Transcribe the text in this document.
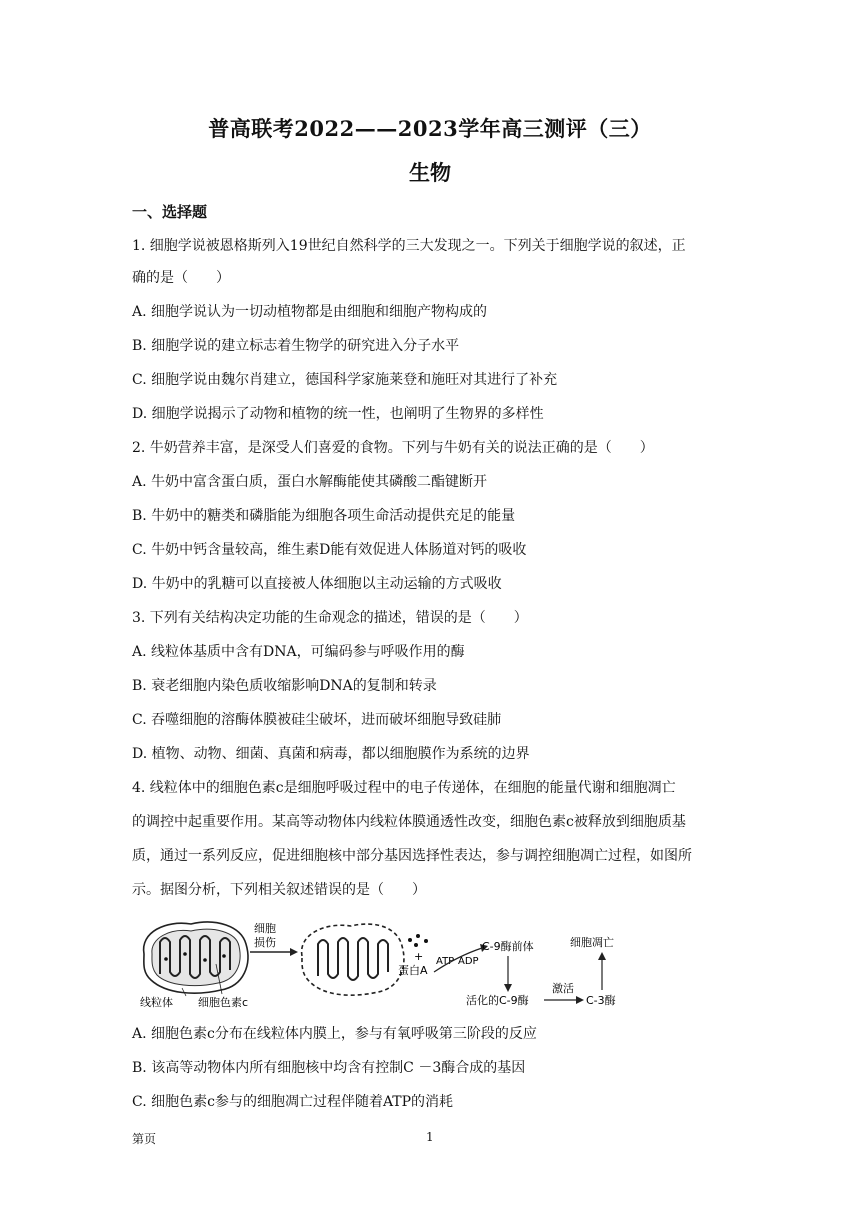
普高联考2022——2023学年高三测评（三）
生物
一、选择题
1. 细胞学说被恩格斯列入19世纪自然科学的三大发现之一。下列关于细胞学说的叙述，正
确的是（　　）
A. 细胞学说认为一切动植物都是由细胞和细胞产物构成的
B. 细胞学说的建立标志着生物学的研究进入分子水平
C. 细胞学说由魏尔肖建立，德国科学家施莱登和施旺对其进行了补充
D. 细胞学说揭示了动物和植物的统一性，也阐明了生物界的多样性
2. 牛奶营养丰富，是深受人们喜爱的食物。下列与牛奶有关的说法正确的是（　　）
A. 牛奶中富含蛋白质，蛋白水解酶能使其磷酸二酯键断开
B. 牛奶中的糖类和磷脂能为细胞各项生命活动提供充足的能量
C. 牛奶中钙含量较高，维生素D能有效促进人体肠道对钙的吸收
D. 牛奶中的乳糖可以直接被人体细胞以主动运输的方式吸收
3. 下列有关结构决定功能的生命观念的描述，错误的是（　　）
A. 线粒体基质中含有DNA，可编码参与呼吸作用的酶
B. 衰老细胞内染色质收缩影响DNA的复制和转录
C. 吞噬细胞的溶酶体膜被硅尘破坏，进而破坏细胞导致硅肺
D. 植物、动物、细菌、真菌和病毒，都以细胞膜作为系统的边界
4. 线粒体中的细胞色素c是细胞呼吸过程中的电子传递体，在细胞的能量代谢和细胞凋亡
的调控中起重要作用。某高等动物体内线粒体膜通透性改变，细胞色素c被释放到细胞质基
质，通过一系列反应，促进细胞核中部分基因选择性表达，参与调控细胞凋亡过程，如图所
示。据图分析，下列相关叙述错误的是（　　）
细胞
损伤
+
蛋白A
ATP ADP
C-9酶前体
活化的C-9酶
激活
C-3酶
细胞凋亡
线粒体 细胞色素c
A. 细胞色素c分布在线粒体内膜上，参与有氧呼吸第三阶段的反应
B. 该高等动物体内所有细胞核中均含有控制C －3酶合成的基因
C. 细胞色素c参与的细胞凋亡过程伴随着ATP的消耗
第页	1
